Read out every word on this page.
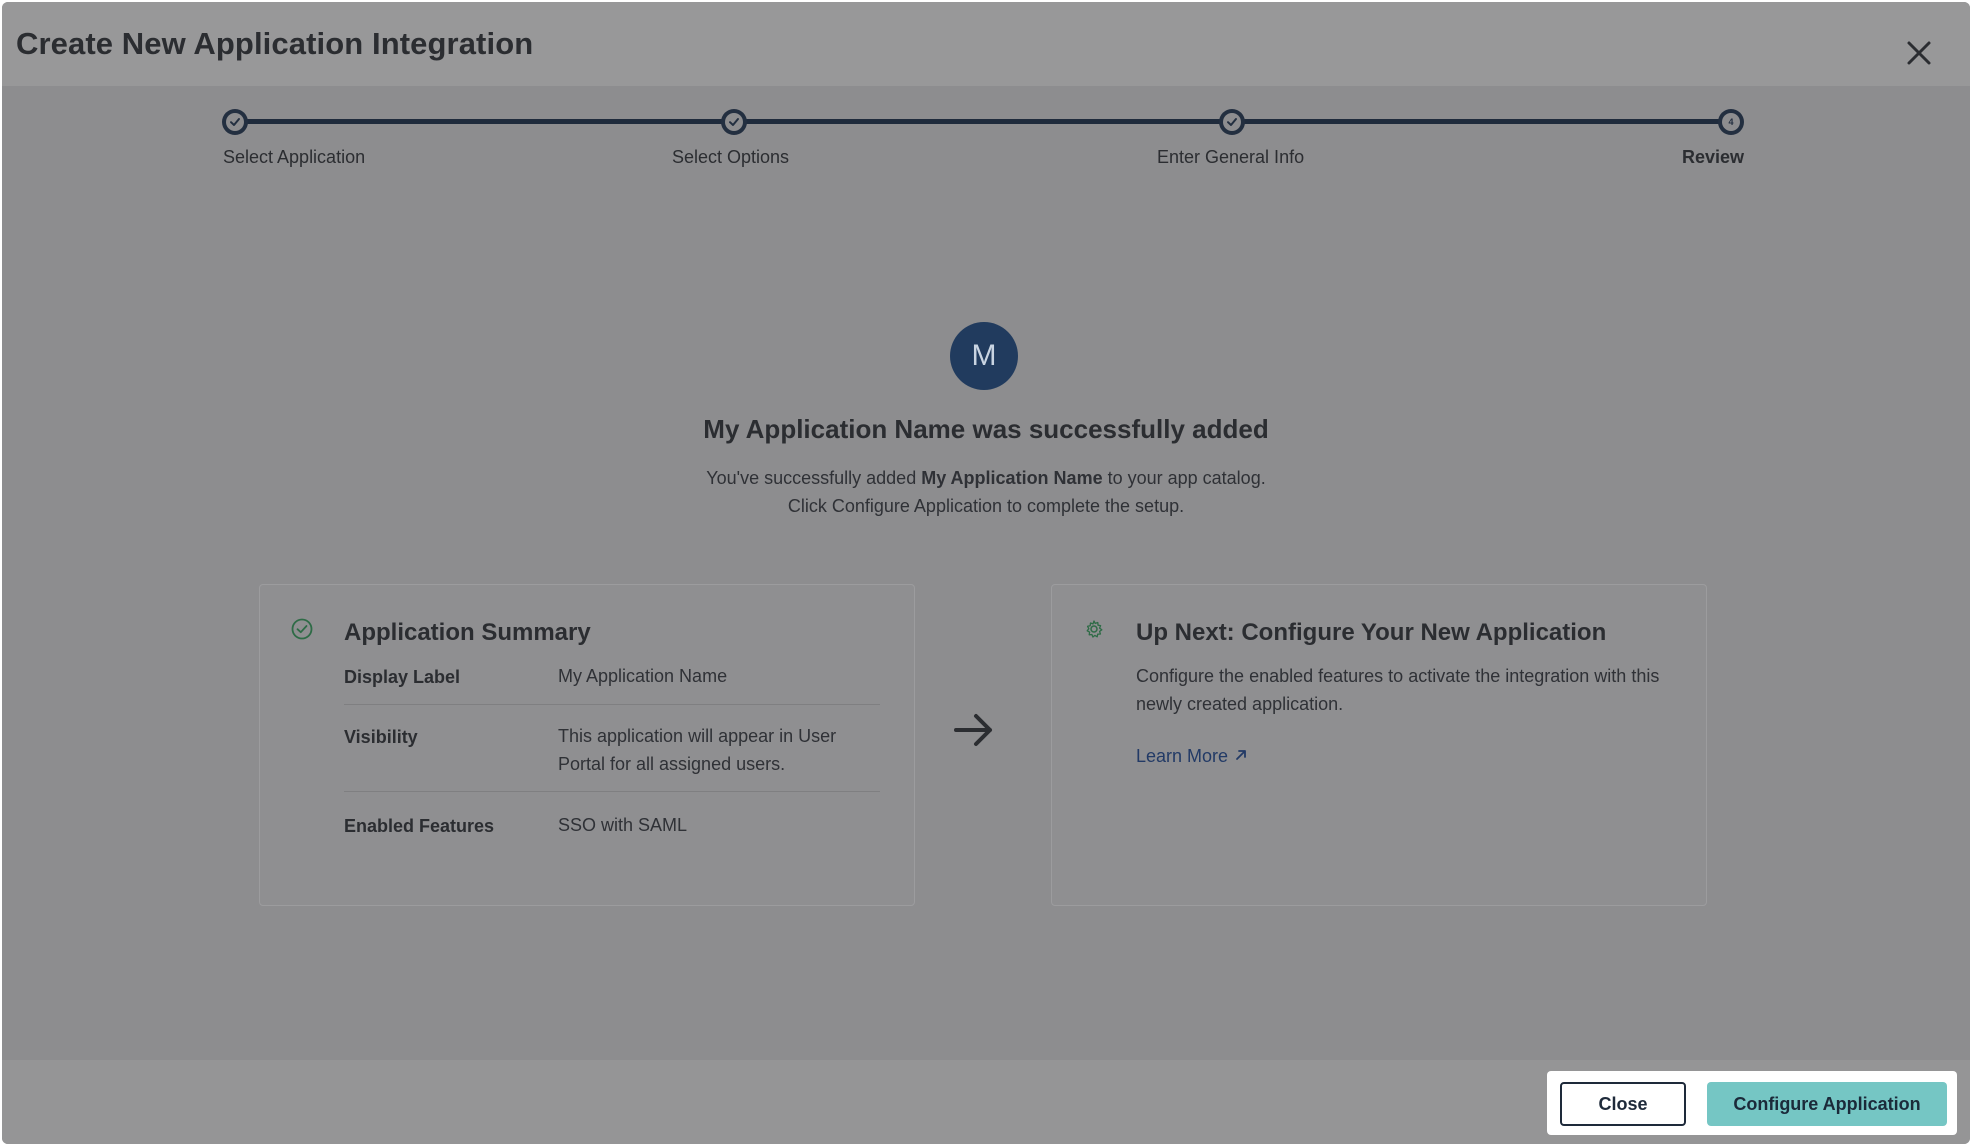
Create New Application Integration
4
Select Application	Select Options	Enter General Info	Review
M
My Application Name was successfully added
You've successfully added My Application Name to your app catalog.
Click Configure Application to complete the setup.
Application Summary
Display Label	My Application Name
Visibility	This application will appear in User Portal for all assigned users.
Enabled Features	SSO with SAML
Up Next: Configure Your New Application
Configure the enabled features to activate the integration with this newly created application.
Learn More
Close	Configure Application
